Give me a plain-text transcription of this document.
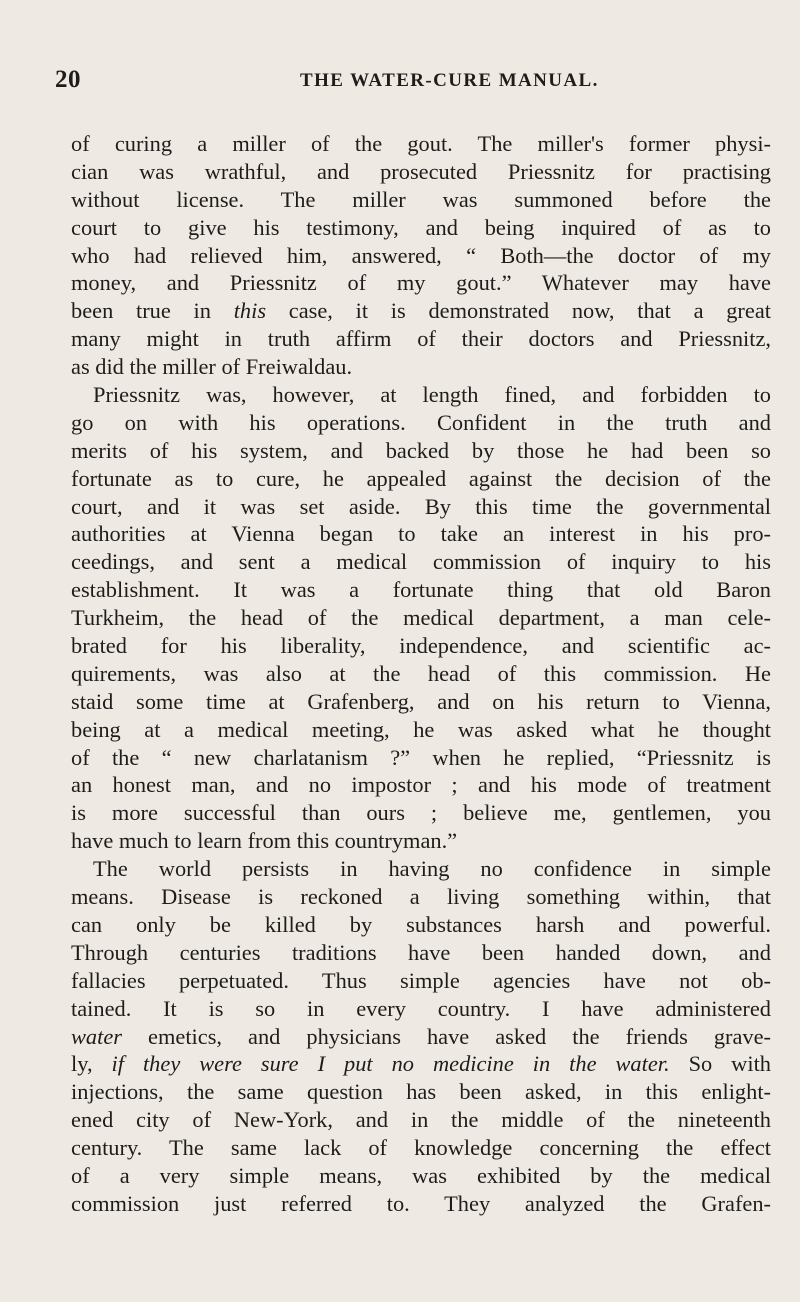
20	THE WATER-CURE MANUAL.
of curing a miller of the gout. The miller's former physi-
cian was wrathful, and prosecuted Priessnitz for practising
without license. The miller was summoned before the
court to give his testimony, and being inquired of as to
who had relieved him, answered, “ Both—the doctor of my
money, and Priessnitz of my gout.” Whatever may have
been true in this case, it is demonstrated now, that a great
many might in truth affirm of their doctors and Priessnitz,
as did the miller of Freiwaldau.
Priessnitz was, however, at length fined, and forbidden to
go on with his operations. Confident in the truth and
merits of his system, and backed by those he had been so
fortunate as to cure, he appealed against the decision of the
court, and it was set aside. By this time the governmental
authorities at Vienna began to take an interest in his pro-
ceedings, and sent a medical commission of inquiry to his
establishment. It was a fortunate thing that old Baron
Turkheim, the head of the medical department, a man cele-
brated for his liberality, independence, and scientific ac-
quirements, was also at the head of this commission. He
staid some time at Grafenberg, and on his return to Vienna,
being at a medical meeting, he was asked what he thought
of the “ new charlatanism ?” when he replied, “Priessnitz is
an honest man, and no impostor ; and his mode of treatment
is more successful than ours ; believe me, gentlemen, you
have much to learn from this countryman.”
The world persists in having no confidence in simple
means. Disease is reckoned a living something within, that
can only be killed by substances harsh and powerful.
Through centuries traditions have been handed down, and
fallacies perpetuated. Thus simple agencies have not ob-
tained. It is so in every country. I have administered
water emetics, and physicians have asked the friends grave-
ly, if they were sure I put no medicine in the water. So with
injections, the same question has been asked, in this enlight-
ened city of New-York, and in the middle of the nineteenth
century. The same lack of knowledge concerning the effect
of a very simple means, was exhibited by the medical
commission just referred to. They analyzed the Grafen-
